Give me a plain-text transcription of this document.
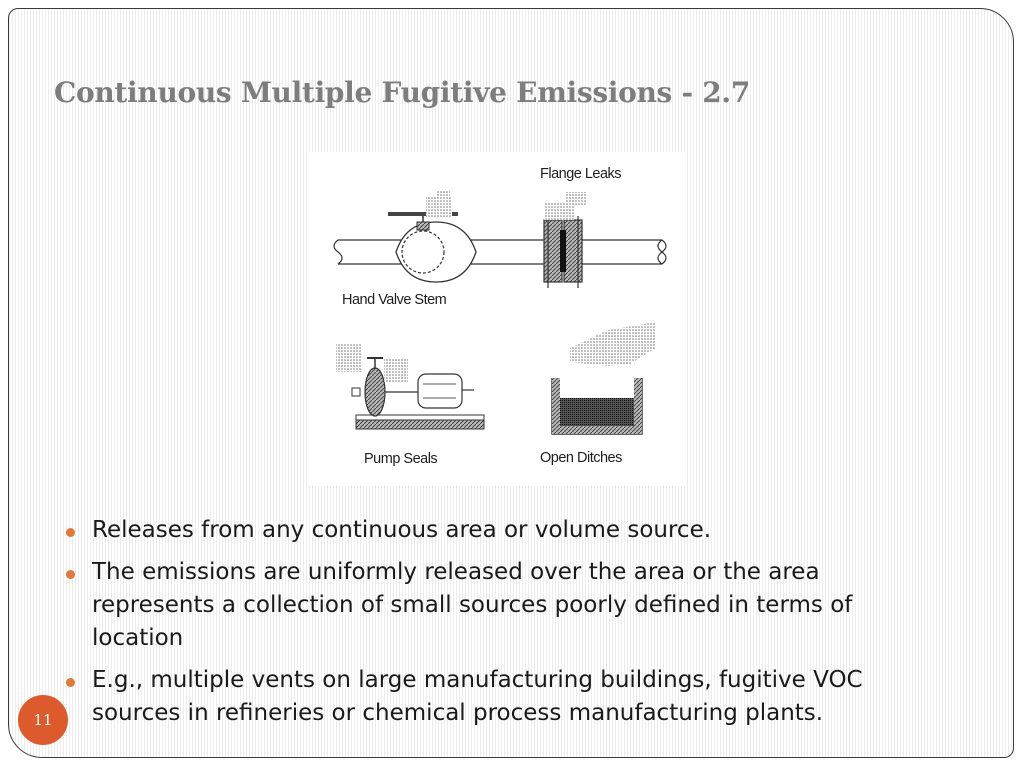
Continuous Multiple Fugitive Emissions - 2.7
Flange Leaks
Hand Valve Stem
Pump Seals	Open Ditches
Releases from any continuous area or volume source.
The emissions are uniformly released over the area or the area represents a collection of small sources poorly defined in terms of location
E.g., multiple vents on large manufacturing buildings, fugitive VOC sources in refineries or chemical process manufacturing plants.
11
